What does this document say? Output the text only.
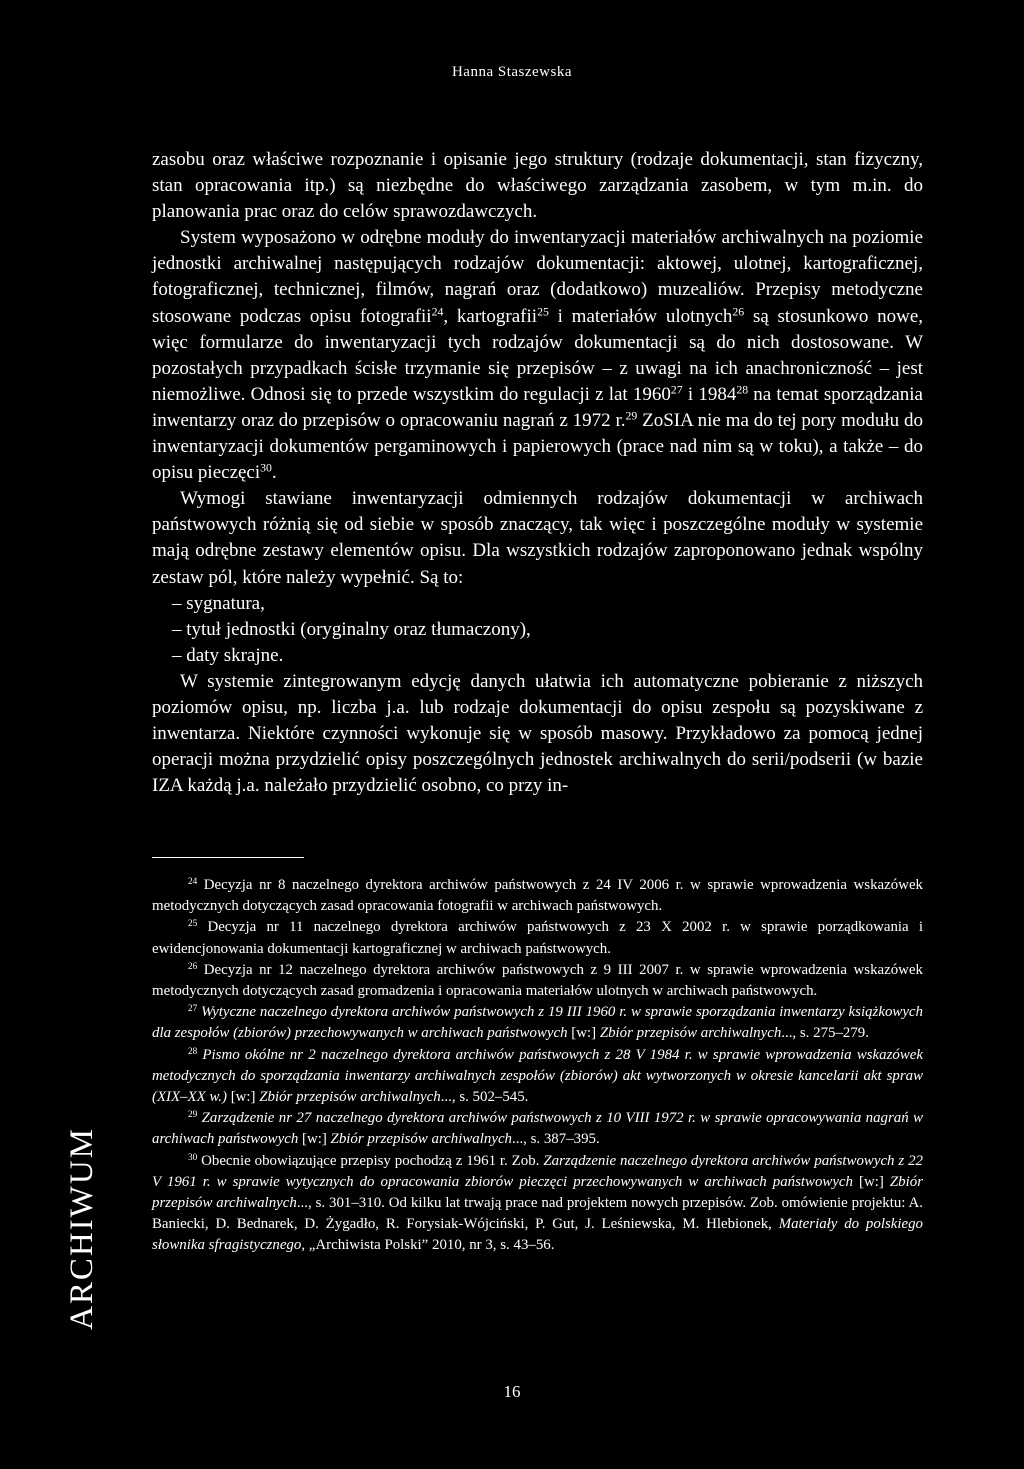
Hanna Staszewska

zasobu oraz właściwe rozpoznanie i opisanie jego struktury (rodzaje dokumentacji, stan fizyczny, stan opracowania itp.) są niezbędne do właściwego zarządzania zasobem, w tym m.in. do planowania prac oraz do celów sprawozdawczych.

System wyposażono w odrębne moduły do inwentaryzacji materiałów archiwalnych na poziomie jednostki archiwalnej następujących rodzajów dokumentacji: aktowej, ulotnej, kartograficznej, fotograficznej, technicznej, filmów, nagrań oraz (dodatkowo) muzealiów. Przepisy metodyczne stosowane podczas opisu fotografii$^{24}$, kartografii$^{25}$ i materiałów ulotnych$^{26}$ są stosunkowo nowe, więc formularze do inwentaryzacji tych rodzajów dokumentacji są do nich dostosowane. W pozostałych przypadkach ścisłe trzymanie się przepisów – z uwagi na ich anachroniczność – jest niemożliwe. Odnosi się to przede wszystkim do regulacji z lat 1960$^{27}$ i 1984$^{28}$ na temat sporządzania inwentarzy oraz do przepisów o opracowaniu nagrań z 1972 r.$^{29}$ ZoSIA nie ma do tej pory modułu do inwentaryzacji dokumentów pergaminowych i papierowych (prace nad nim są w toku), a także – do opisu pieczęci$^{30}$.

Wymogi stawiane inwentaryzacji odmiennych rodzajów dokumentacji w archiwach państwowych różnią się od siebie w sposób znaczący, tak więc i poszczególne moduły w systemie mają odrębne zestawy elementów opisu. Dla wszystkich rodzajów zaproponowano jednak wspólny zestaw pól, które należy wypełnić. Są to:

– sygnatura,

– tytuł jednostki (oryginalny oraz tłumaczony),

– daty skrajne.

W systemie zintegrowanym edycję danych ułatwia ich automatyczne pobieranie z niższych poziomów opisu, np. liczba j.a. lub rodzaje dokumentacji do opisu zespołu są pozyskiwane z inwentarza. Niektóre czynności wykonuje się w sposób masowy. Przykładowo za pomocą jednej operacji można przydzielić opisy poszczególnych jednostek archiwalnych do serii/podserii (w bazie IZA każdą j.a. należało przydzielić osobno, co przy in-

$^{24}$ Decyzja nr 8 naczelnego dyrektora archiwów państwowych z 24 IV 2006 r. w sprawie wprowadzenia wskazówek metodycznych dotyczących zasad opracowania fotografii w archiwach państwowych.

$^{25}$ Decyzja nr 11 naczelnego dyrektora archiwów państwowych z 23 X 2002 r. w sprawie porządkowania i ewidencjonowania dokumentacji kartograficznej w archiwach państwowych.

$^{26}$ Decyzja nr 12 naczelnego dyrektora archiwów państwowych z 9 III 2007 r. w sprawie wprowadzenia wskazówek metodycznych dotyczących zasad gromadzenia i opracowania materiałów ulotnych w archiwach państwowych.

$^{27}$ Wytyczne naczelnego dyrektora archiwów państwowych z 19 III 1960 r. w sprawie sporządzania inwentarzy książkowych dla zespołów (zbiorów) przechowywanych w archiwach państwowych [w:] Zbiór przepisów archiwalnych..., s. 275–279.

$^{28}$ Pismo okólne nr 2 naczelnego dyrektora archiwów państwowych z 28 V 1984 r. w sprawie wprowadzenia wskazówek metodycznych do sporządzania inwentarzy archiwalnych zespołów (zbiorów) akt wytworzonych w okresie kancelarii akt spraw (XIX–XX w.) [w:] Zbiór przepisów archiwalnych..., s. 502–545.

$^{29}$ Zarządzenie nr 27 naczelnego dyrektora archiwów państwowych z 10 VIII 1972 r. w sprawie opracowywania nagrań w archiwach państwowych [w:] Zbiór przepisów archiwalnych..., s. 387–395.

$^{30}$ Obecnie obowiązujące przepisy pochodzą z 1961 r. Zob. Zarządzenie naczelnego dyrektora archiwów państwowych z 22 V 1961 r. w sprawie wytycznych do opracowania zbiorów pieczęci przechowywanych w archiwach państwowych [w:] Zbiór przepisów archiwalnych..., s. 301–310. Od kilku lat trwają prace nad projektem nowych przepisów. Zob. omówienie projektu: A. Baniecki, D. Bednarek, D. Żygadło, R. Forysiak-Wójciński, P. Gut, J. Leśniewska, M. Hlebionek, Materiały do polskiego słownika sfragistycznego, „Archiwista Polski” 2010, nr 3, s. 43–56.

ARCHIWUM
16
